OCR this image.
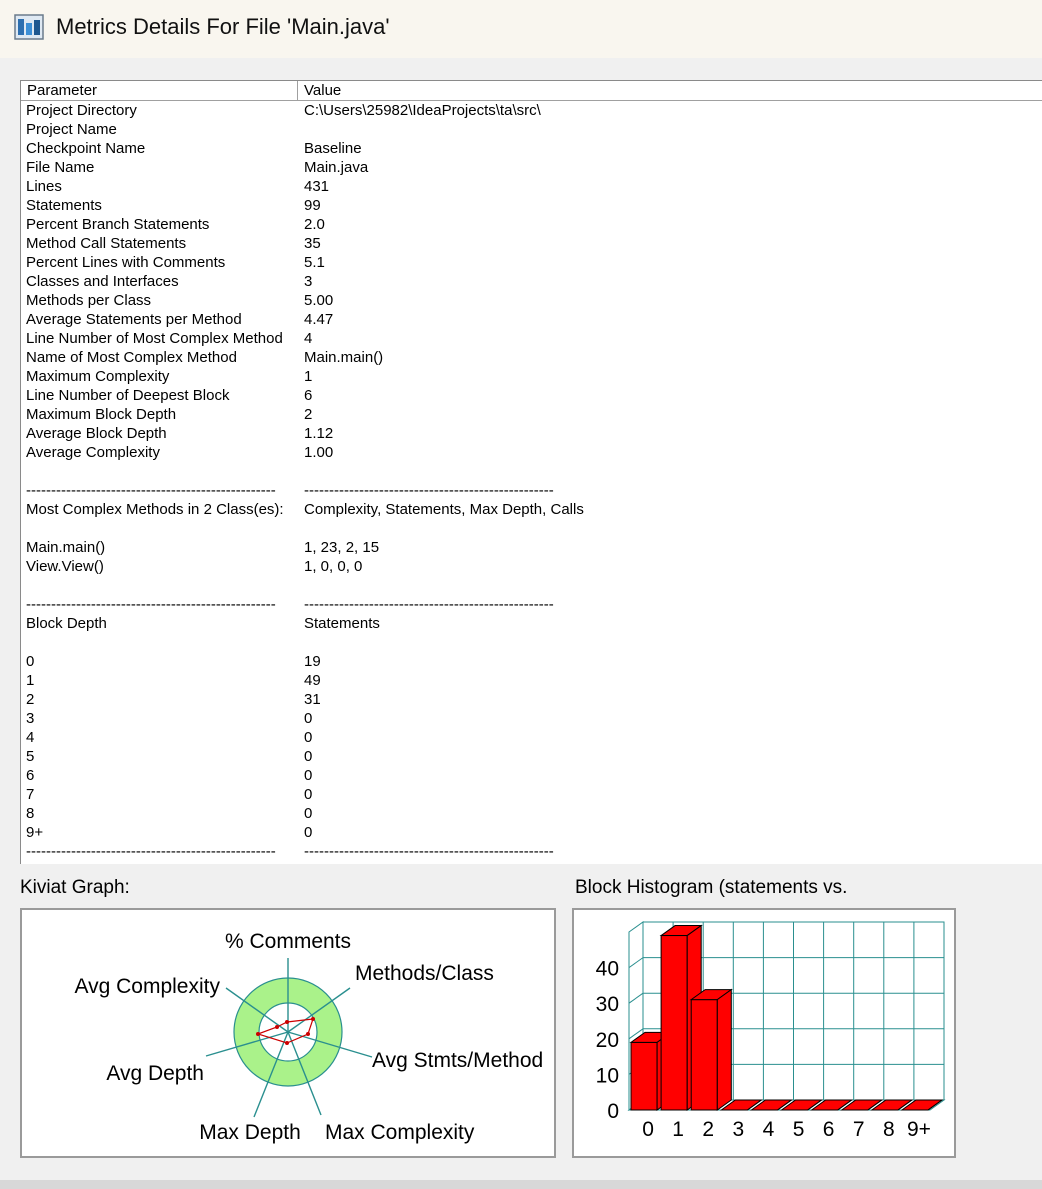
Metrics Details For File 'Main.java'
Parameter	Value
Project Directory	C:\Users\25982\IdeaProjects\ta\src\
Project Name
Checkpoint Name	Baseline
File Name	Main.java
Lines	431
Statements	99
Percent Branch Statements	2.0
Method Call Statements	35
Percent Lines with Comments	5.1
Classes and Interfaces	3
Methods per Class	5.00
Average Statements per Method	4.47
Line Number of Most Complex Method 4
Name of Most Complex Method	Main.main()
Maximum Complexity	1
Line Number of Deepest Block	6
Maximum Block Depth	2
Average Block Depth	1.12
Average Complexity	1.00
-------------------------------------------------- --------------------------------------------------
Most Complex Methods in 2 Class(es): Complexity, Statements, Max Depth, Calls
Main.main()	1, 23, 2, 15
View.View()	1, 0, 0, 0
-------------------------------------------------- --------------------------------------------------
Block Depth	Statements
0	19
1	49
2	31
3	0
4	0
5	0
6	0
7	0
8	0
9+	0
-------------------------------------------------- --------------------------------------------------
Kiviat Graph:
% Comments
Methods/Class
Avg Stmts/Method
Max Complexity
Max Depth
Avg Depth
Avg Complexity
Block Histogram (statements vs.
0
10
20
30
40
0 1 2 3 4 5 6 7 8 9+
